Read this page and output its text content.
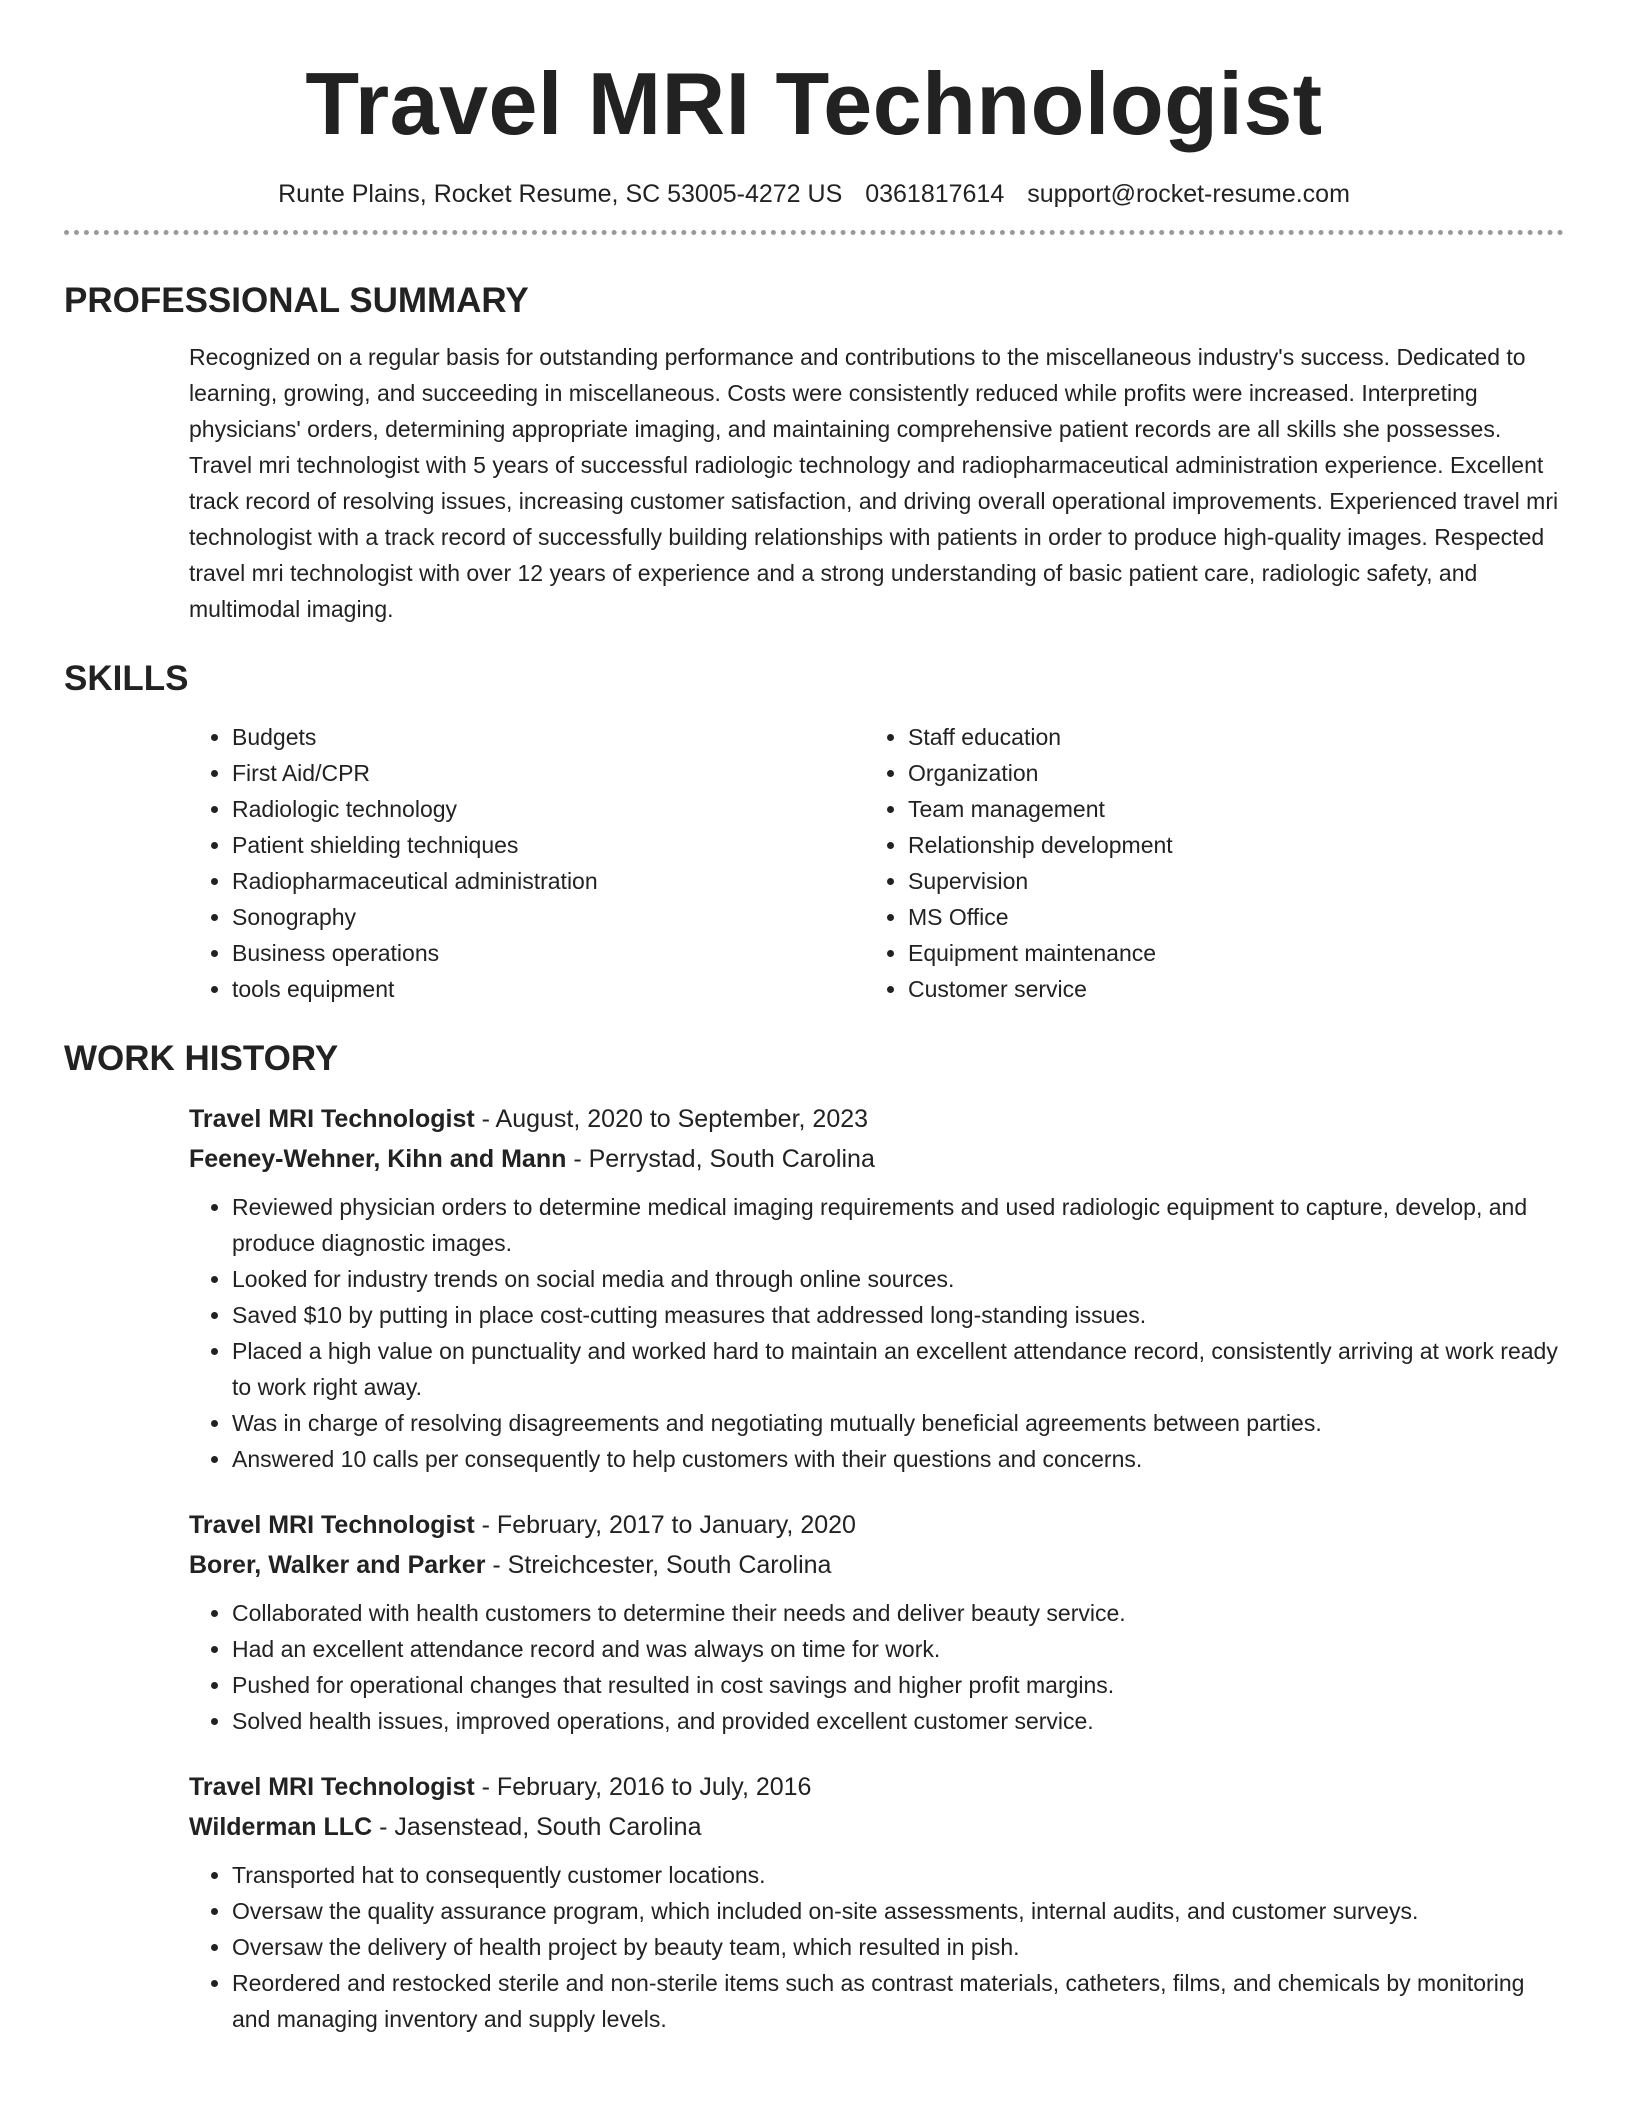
Travel MRI Technologist
Runte Plains, Rocket Resume, SC 53005-4272 US 0361817614 support@rocket-resume.com
PROFESSIONAL SUMMARY
Recognized on a regular basis for outstanding performance and contributions to the miscellaneous industry's success. Dedicated to learning, growing, and succeeding in miscellaneous. Costs were consistently reduced while profits were increased. Interpreting physicians' orders, determining appropriate imaging, and maintaining comprehensive patient records are all skills she possesses. Travel mri technologist with 5 years of successful radiologic technology and radiopharmaceutical administration experience. Excellent track record of resolving issues, increasing customer satisfaction, and driving overall operational improvements. Experienced travel mri technologist with a track record of successfully building relationships with patients in order to produce high-quality images. Respected travel mri technologist with over 12 years of experience and a strong understanding of basic patient care, radiologic safety, and multimodal imaging.
SKILLS
• Budgets
• First Aid/CPR
• Radiologic technology
• Patient shielding techniques
• Radiopharmaceutical administration
• Sonography
• Business operations
• tools equipment
• Staff education
• Organization
• Team management
• Relationship development
• Supervision
• MS Office
• Equipment maintenance
• Customer service
WORK HISTORY
Travel MRI Technologist - August, 2020 to September, 2023
Feeney-Wehner, Kihn and Mann - Perrystad, South Carolina
• Reviewed physician orders to determine medical imaging requirements and used radiologic equipment to capture, develop, and produce diagnostic images.
• Looked for industry trends on social media and through online sources.
• Saved $10 by putting in place cost-cutting measures that addressed long-standing issues.
• Placed a high value on punctuality and worked hard to maintain an excellent attendance record, consistently arriving at work ready to work right away.
• Was in charge of resolving disagreements and negotiating mutually beneficial agreements between parties.
• Answered 10 calls per consequently to help customers with their questions and concerns.
Travel MRI Technologist - February, 2017 to January, 2020
Borer, Walker and Parker - Streichcester, South Carolina
• Collaborated with health customers to determine their needs and deliver beauty service.
• Had an excellent attendance record and was always on time for work.
• Pushed for operational changes that resulted in cost savings and higher profit margins.
• Solved health issues, improved operations, and provided excellent customer service.
Travel MRI Technologist - February, 2016 to July, 2016
Wilderman LLC - Jasenstead, South Carolina
• Transported hat to consequently customer locations.
• Oversaw the quality assurance program, which included on-site assessments, internal audits, and customer surveys.
• Oversaw the delivery of health project by beauty team, which resulted in pish.
• Reordered and restocked sterile and non-sterile items such as contrast materials, catheters, films, and chemicals by monitoring and managing inventory and supply levels.
